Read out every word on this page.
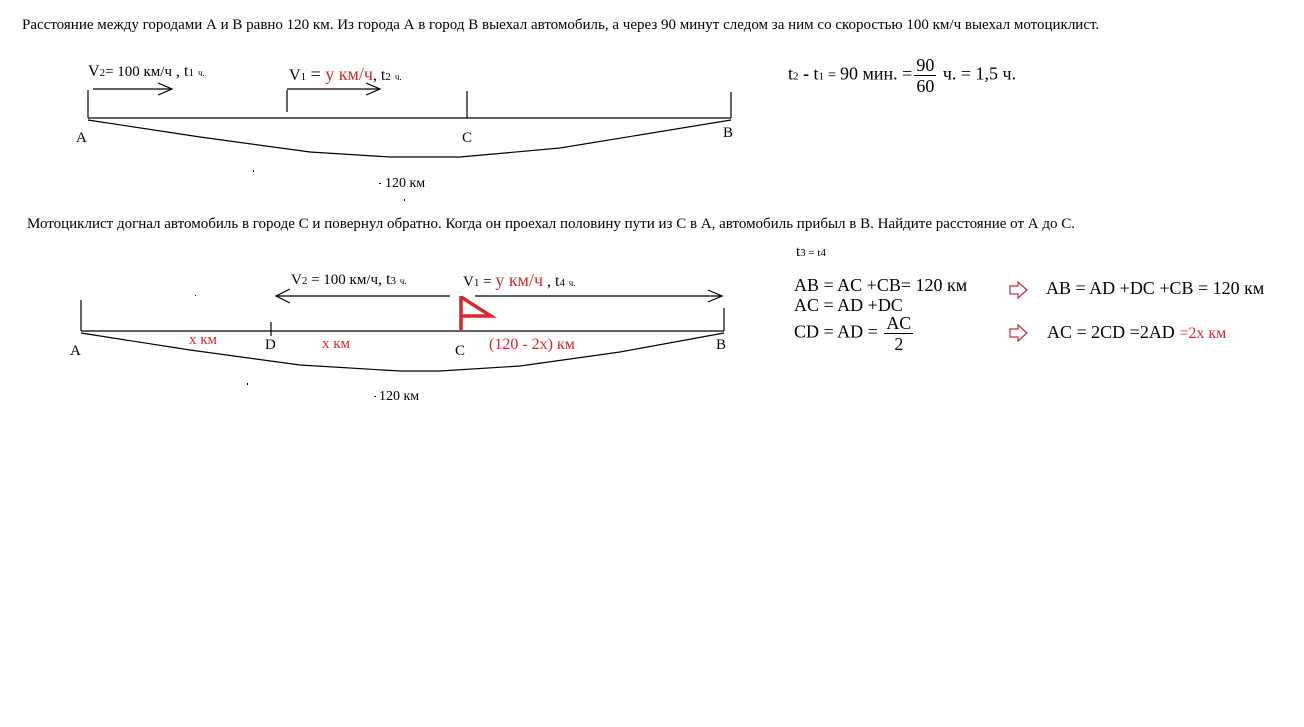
Расстояние между городами А и В равно 120 км. Из города А в город В выехал автомобиль, а через 90 минут следом за ним со скоростью 100 км/ч выехал мотоциклист.
Мотоциклист догнал автомобиль в городе С и повернул обратно. Когда он проехал половину пути из С в А, автомобиль прибыл в В. Найдите расстояние от А до С.
V2= 100 км/ч , t1 ч.	V1 = y км/ч, t2 ч.
A	C	B
120 км
t2 - t1 = 90 мин. = $\frac{90}{60} ч$. = 1,5 ч.
V2 = 100 км/ч, t3 ч.	V1 = y км/ч , t4 ч.
A	D	C	B
x км	x км	(120 - 2x) км
120 км
t3 = t4
AB = AC +CB= 120 км
AC = AD +DC
CD = AD = $\frac{AC}{2}$
AB = AD +DC +CB = 120 км
AC = 2CD =2AD =2x км
